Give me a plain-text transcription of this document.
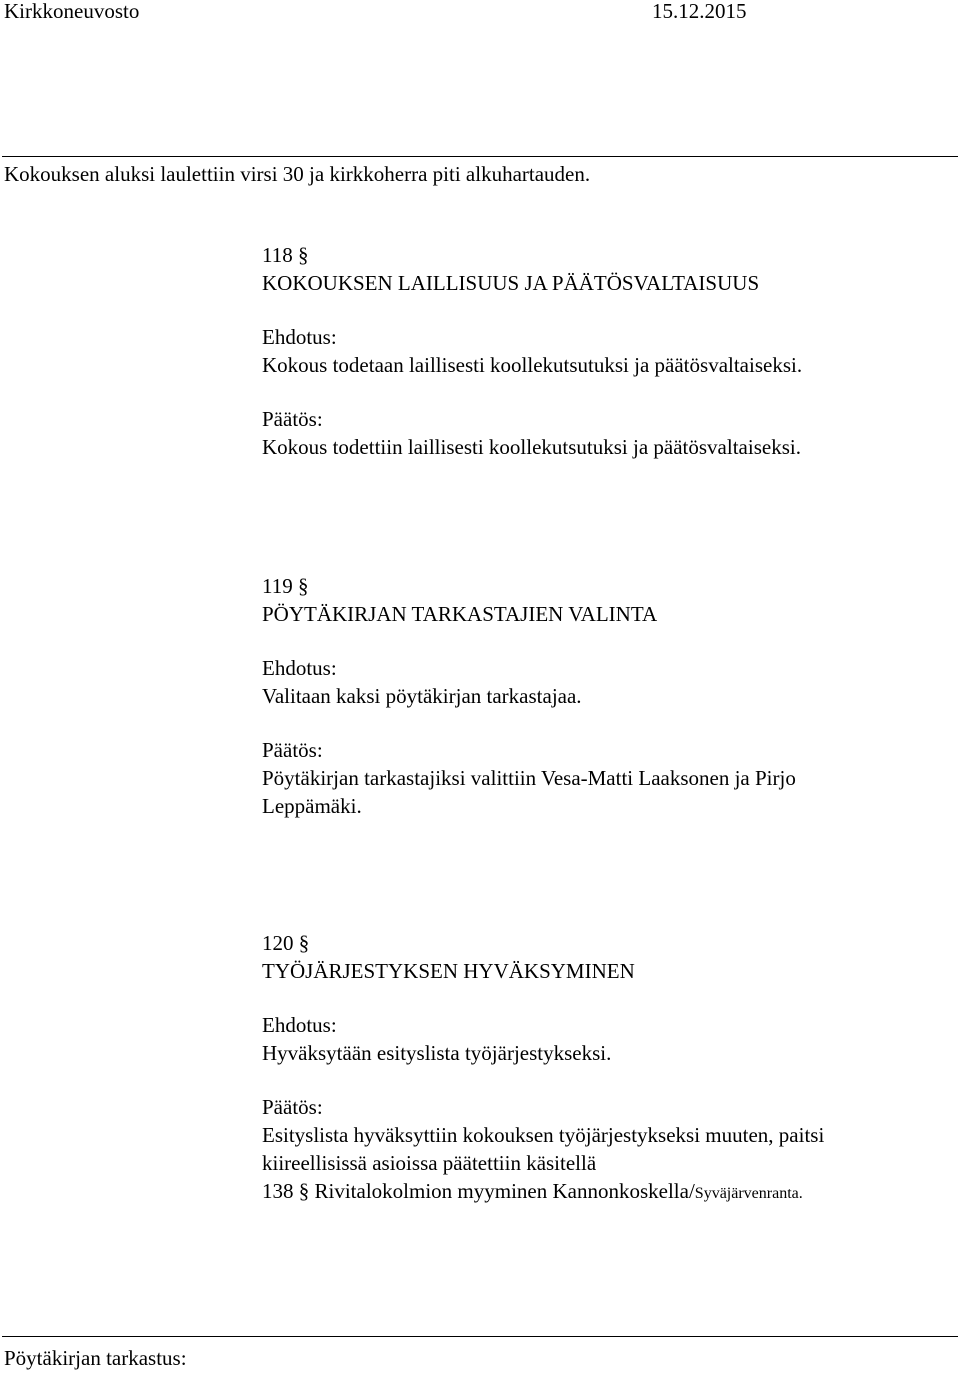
Kirkkoneuvosto	15.12.2015
Kokouksen aluksi laulettiin virsi 30 ja kirkkoherra piti alkuhartauden.
118 §
KOKOUKSEN LAILLISUUS JA PÄÄTÖSVALTAISUUS
Ehdotus:
Kokous todetaan laillisesti koollekutsutuksi ja päätösvaltaiseksi.
Päätös:
Kokous todettiin laillisesti koollekutsutuksi ja päätösvaltaiseksi.
119 §
PÖYTÄKIRJAN TARKASTAJIEN VALINTA
Ehdotus:
Valitaan kaksi pöytäkirjan tarkastajaa.
Päätös:
Pöytäkirjan tarkastajiksi valittiin Vesa-Matti Laaksonen ja Pirjo
Leppämäki.
120 §
TYÖJÄRJESTYKSEN HYVÄKSYMINEN
Ehdotus:
Hyväksytään esityslista työjärjestykseksi.
Päätös:
Esityslista hyväksyttiin kokouksen työjärjestykseksi muuten, paitsi
kiireellisissä asioissa päätettiin käsitellä
138 § Rivitalokolmion myyminen Kannonkoskella/Syväjärvenranta.
Pöytäkirjan tarkastus:
